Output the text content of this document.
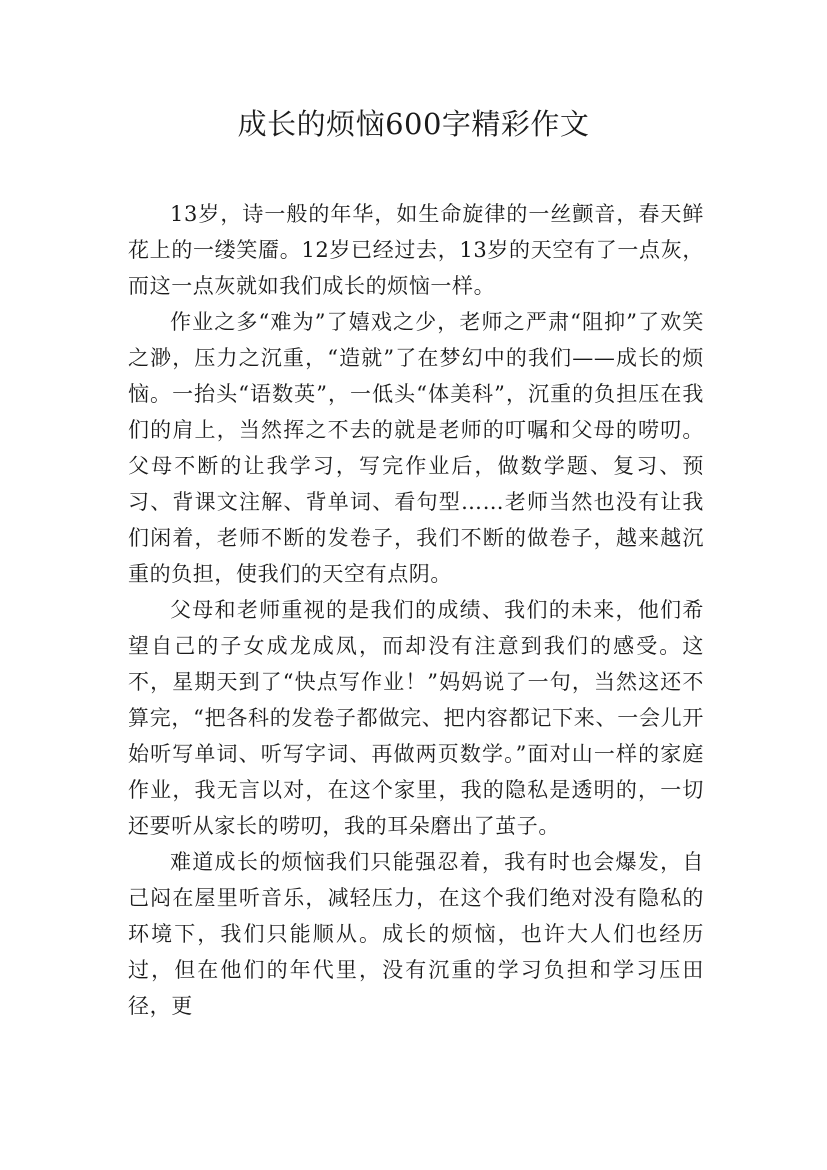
成长的烦恼600字精彩作文

13岁，诗一般的年华，如生命旋律的一丝颤音，春天鲜花上的一缕笑靥。12岁已经过去，13岁的天空有了一点灰，而这一点灰就如我们成长的烦恼一样。

作业之多“难为”了嬉戏之少，老师之严肃“阻抑”了欢笑之渺，压力之沉重，“造就”了在梦幻中的我们——成长的烦恼。一抬头“语数英”，一低头“体美科”，沉重的负担压在我们的肩上，当然挥之不去的就是老师的叮嘱和父母的唠叨。父母不断的让我学习，写完作业后，做数学题、复习、预习、背课文注解、背单词、看句型……老师当然也没有让我们闲着，老师不断的发卷子，我们不断的做卷子，越来越沉重的负担，使我们的天空有点阴。

父母和老师重视的是我们的成绩、我们的未来，他们希望自己的子女成龙成凤，而却没有注意到我们的感受。这不，星期天到了“快点写作业！”妈妈说了一句，当然这还不算完，“把各科的发卷子都做完、把内容都记下来、一会儿开始听写单词、听写字词、再做两页数学。”面对山一样的家庭作业，我无言以对，在这个家里，我的隐私是透明的，一切还要听从家长的唠叨，我的耳朵磨出了茧子。

难道成长的烦恼我们只能强忍着，我有时也会爆发，自己闷在屋里听音乐，减轻压力，在这个我们绝对没有隐私的环境下，我们只能顺从。成长的烦恼，也许大人们也经历过，但在他们的年代里，没有沉重的学习负担和学习压田径，更
